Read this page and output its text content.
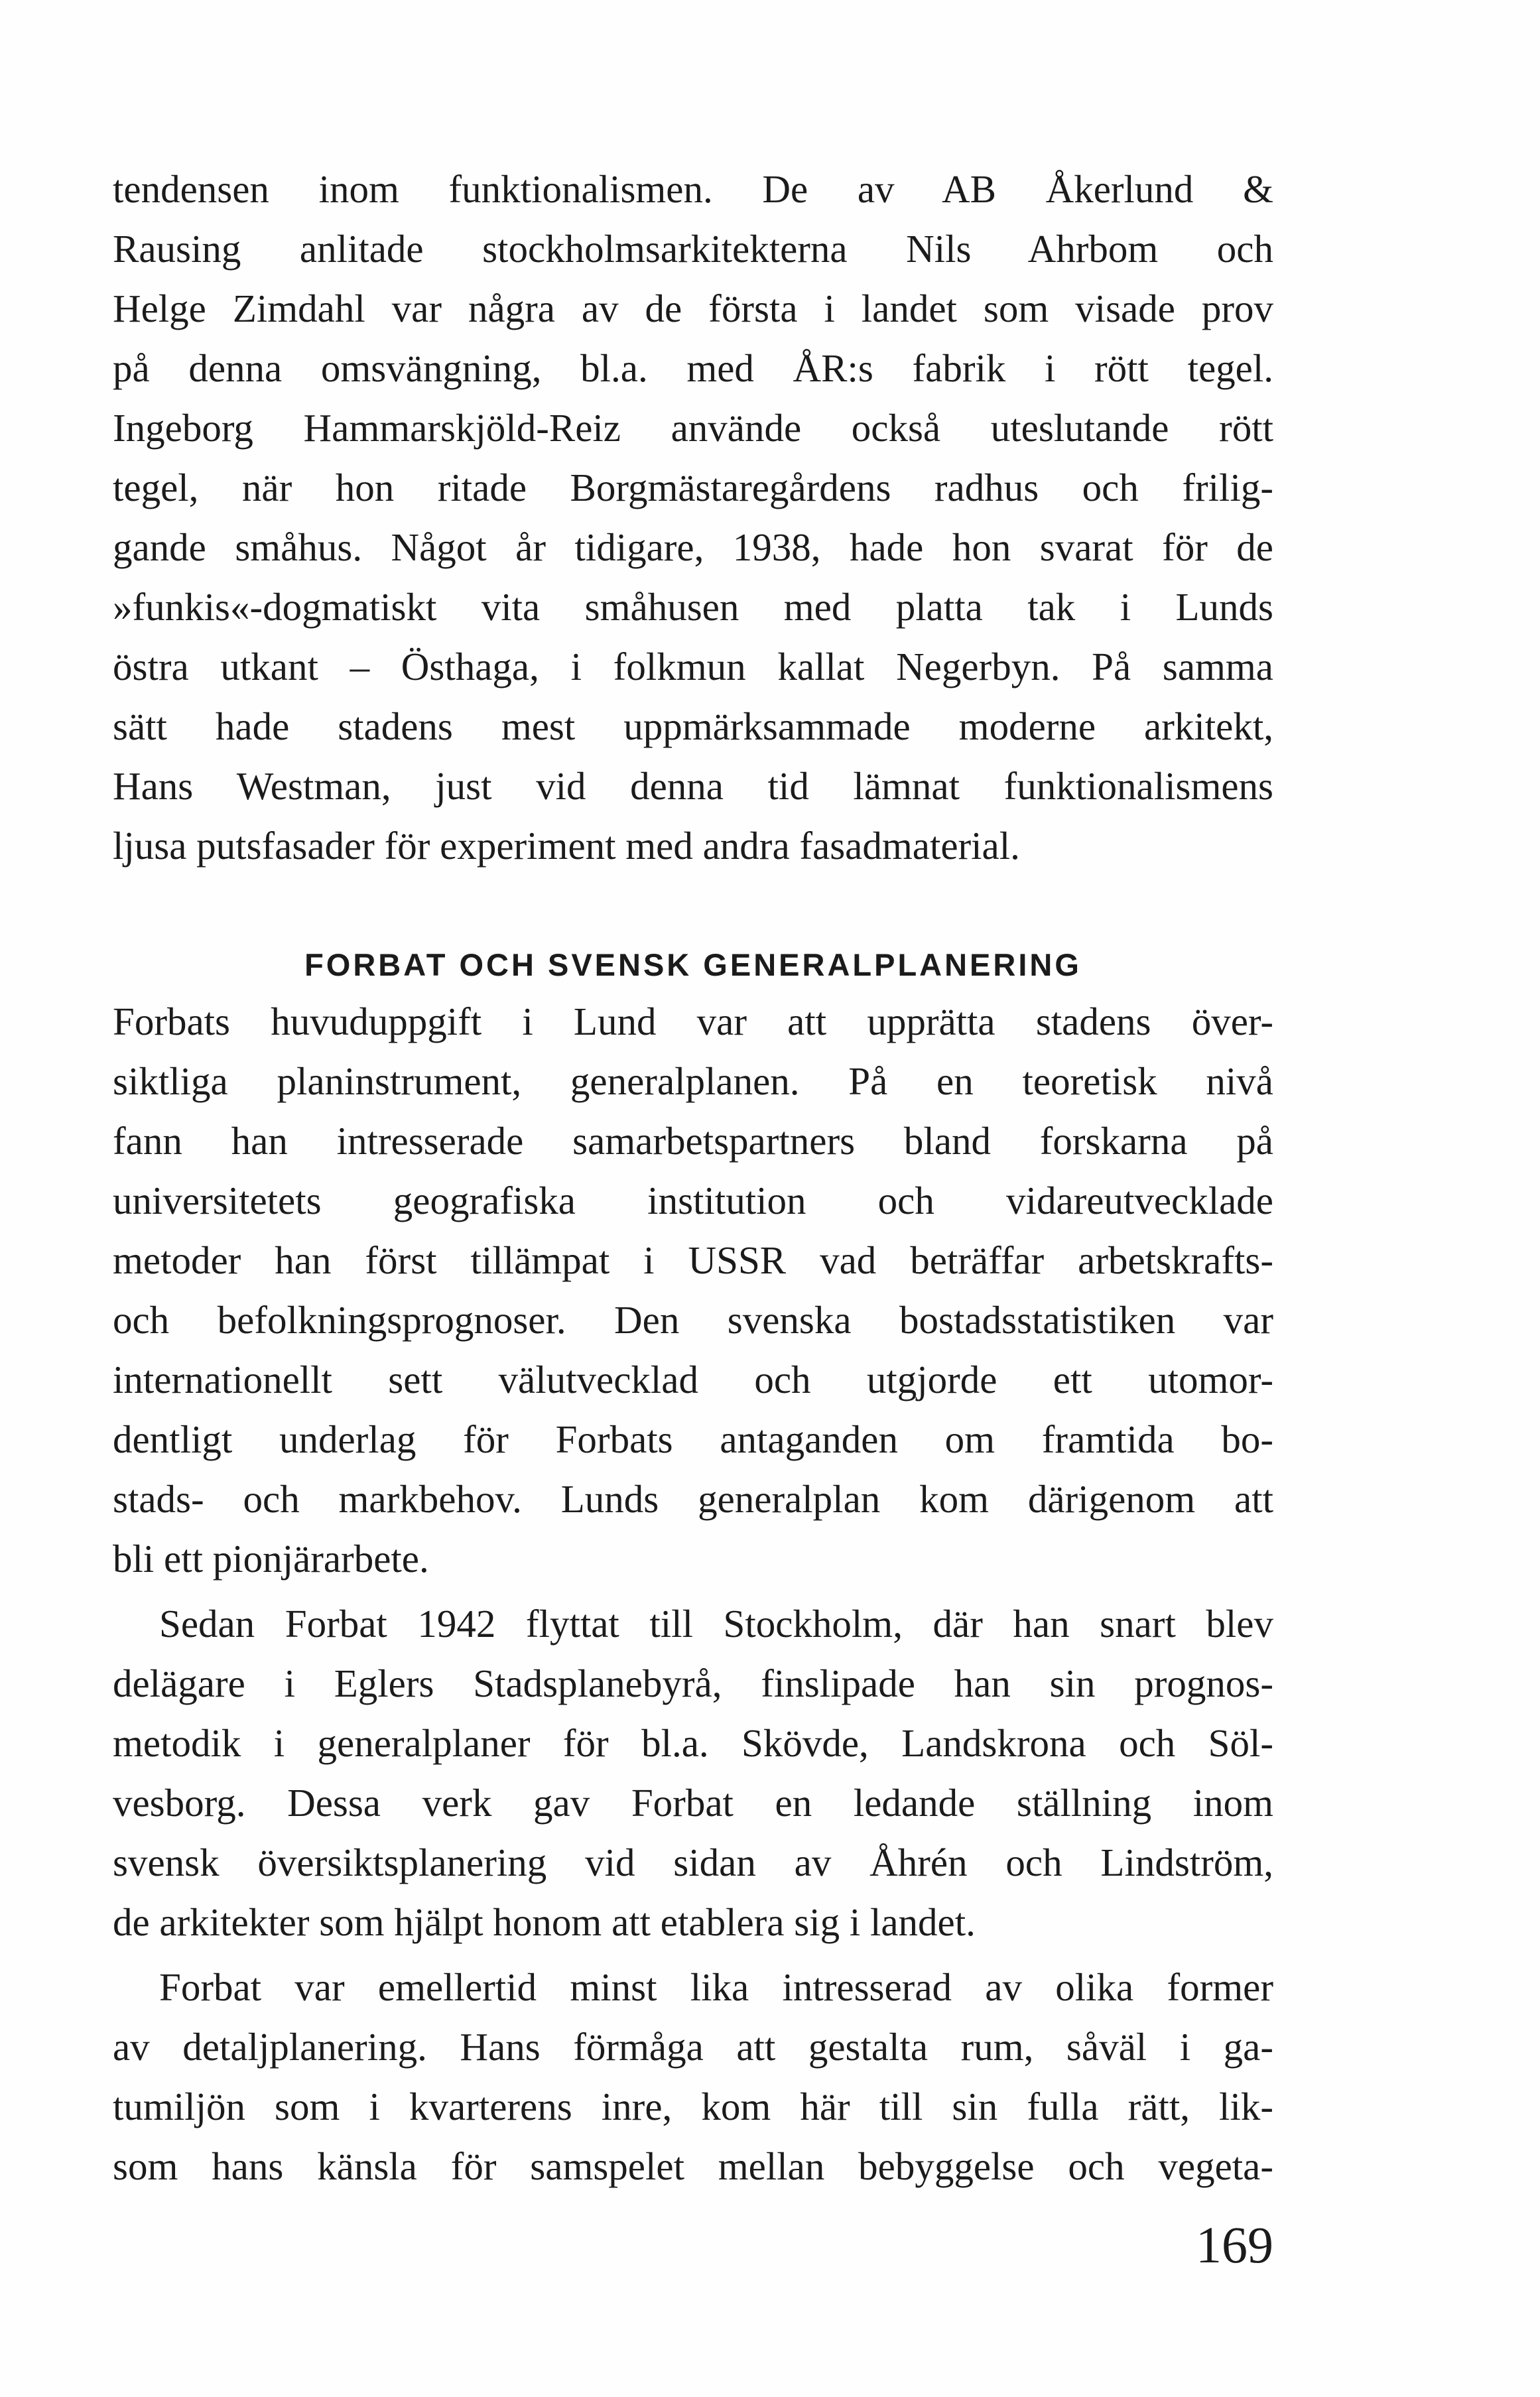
tendensen inom funktionalismen. De av AB Åkerlund &
Rausing anlitade stockholmsarkitekterna Nils Ahrbom och
Helge Zimdahl var några av de första i landet som visade prov
på denna omsvängning, bl.a. med ÅR:s fabrik i rött tegel.
Ingeborg Hammarskjöld-Reiz använde också uteslutande rött
tegel, när hon ritade Borgmästaregårdens radhus och frilig-
gande småhus. Något år tidigare, 1938, hade hon svarat för de
»funkis«-dogmatiskt vita småhusen med platta tak i Lunds
östra utkant – Östhaga, i folkmun kallat Negerbyn. På samma
sätt hade stadens mest uppmärksammade moderne arkitekt,
Hans Westman, just vid denna tid lämnat funktionalismens
ljusa putsfasader för experiment med andra fasadmaterial.
FORBAT OCH SVENSK GENERALPLANERING
Forbats huvuduppgift i Lund var att upprätta stadens över-
siktliga planinstrument, generalplanen. På en teoretisk nivå
fann han intresserade samarbetspartners bland forskarna på
universitetets geografiska institution och vidareutvecklade
metoder han först tillämpat i USSR vad beträffar arbetskrafts-
och befolkningsprognoser. Den svenska bostadsstatistiken var
internationellt sett välutvecklad och utgjorde ett utomor-
dentligt underlag för Forbats antaganden om framtida bo-
stads- och markbehov. Lunds generalplan kom därigenom att
bli ett pionjärarbete.
Sedan Forbat 1942 flyttat till Stockholm, där han snart blev
delägare i Eglers Stadsplanebyrå, finslipade han sin prognos-
metodik i generalplaner för bl.a. Skövde, Landskrona och Söl-
vesborg. Dessa verk gav Forbat en ledande ställning inom
svensk översiktsplanering vid sidan av Åhrén och Lindström,
de arkitekter som hjälpt honom att etablera sig i landet.
Forbat var emellertid minst lika intresserad av olika former
av detaljplanering. Hans förmåga att gestalta rum, såväl i ga-
tumiljön som i kvarterens inre, kom här till sin fulla rätt, lik-
som hans känsla för samspelet mellan bebyggelse och vegeta-
169
